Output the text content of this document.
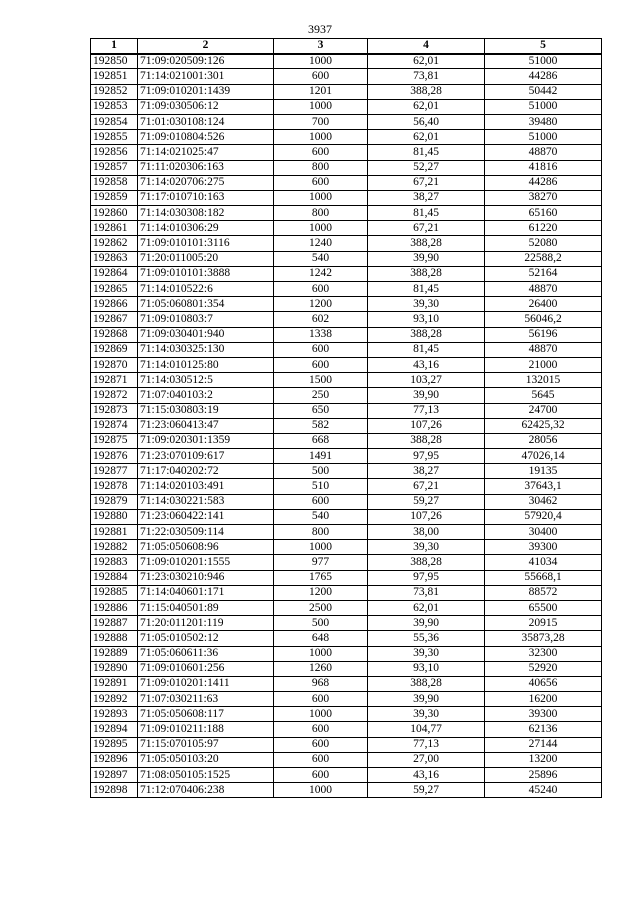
3937
1	2	3	4	5
192850	71:09:020509:126	1000	62,01	51000
192851	71:14:021001:301	600	73,81	44286
192852	71:09:010201:1439	1201	388,28	50442
192853	71:09:030506:12	1000	62,01	51000
192854	71:01:030108:124	700	56,40	39480
192855	71:09:010804:526	1000	62,01	51000
192856	71:14:021025:47	600	81,45	48870
192857	71:11:020306:163	800	52,27	41816
192858	71:14:020706:275	600	67,21	44286
192859	71:17:010710:163	1000	38,27	38270
192860	71:14:030308:182	800	81,45	65160
192861	71:14:010306:29	1000	67,21	61220
192862	71:09:010101:3116	1240	388,28	52080
192863	71:20:011005:20	540	39,90	22588,2
192864	71:09:010101:3888	1242	388,28	52164
192865	71:14:010522:6	600	81,45	48870
192866	71:05:060801:354	1200	39,30	26400
192867	71:09:010803:7	602	93,10	56046,2
192868	71:09:030401:940	1338	388,28	56196
192869	71:14:030325:130	600	81,45	48870
192870	71:14:010125:80	600	43,16	21000
192871	71:14:030512:5	1500	103,27	132015
192872	71:07:040103:2	250	39,90	5645
192873	71:15:030803:19	650	77,13	24700
192874	71:23:060413:47	582	107,26	62425,32
192875	71:09:020301:1359	668	388,28	28056
192876	71:23:070109:617	1491	97,95	47026,14
192877	71:17:040202:72	500	38,27	19135
192878	71:14:020103:491	510	67,21	37643,1
192879	71:14:030221:583	600	59,27	30462
192880	71:23:060422:141	540	107,26	57920,4
192881	71:22:030509:114	800	38,00	30400
192882	71:05:050608:96	1000	39,30	39300
192883	71:09:010201:1555	977	388,28	41034
192884	71:23:030210:946	1765	97,95	55668,1
192885	71:14:040601:171	1200	73,81	88572
192886	71:15:040501:89	2500	62,01	65500
192887	71:20:011201:119	500	39,90	20915
192888	71:05:010502:12	648	55,36	35873,28
192889	71:05:060611:36	1000	39,30	32300
192890	71:09:010601:256	1260	93,10	52920
192891	71:09:010201:1411	968	388,28	40656
192892	71:07:030211:63	600	39,90	16200
192893	71:05:050608:117	1000	39,30	39300
192894	71:09:010211:188	600	104,77	62136
192895	71:15:070105:97	600	77,13	27144
192896	71:05:050103:20	600	27,00	13200
192897	71:08:050105:1525	600	43,16	25896
192898	71:12:070406:238	1000	59,27	45240
